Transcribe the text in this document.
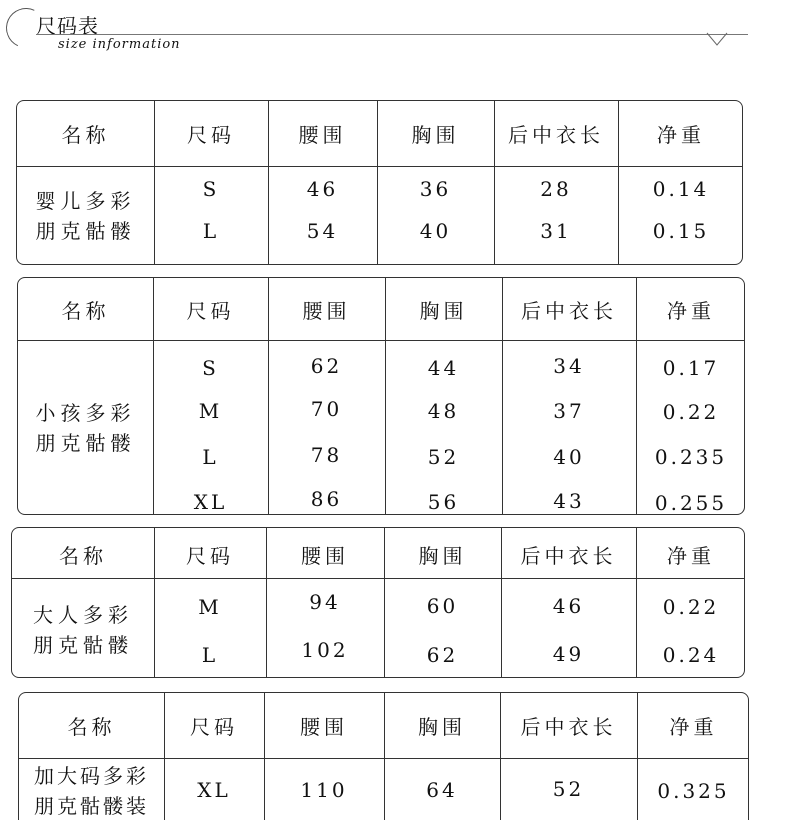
尺码表
size information
名称	尺码	腰围	胸围	后中衣长	净重
婴儿多彩
朋克骷髅
S	46	36	28	0.14
L	54	40	31	0.15
名称	尺码	腰围	胸围	后中衣长	净重
小孩多彩
朋克骷髅
S	62	44	34	0.17
M	70	48	37	0.22
L	78	52	40	0.235
XL	86	56	43	0.255
名称	尺码	腰围	胸围	后中衣长	净重
大人多彩
朋克骷髅
M	94	60	46	0.22
L	102	62	49	0.24
名称	尺码	腰围	胸围	后中衣长	净重
加大码多彩
朋克骷髅装
XL	110	64	52	0.325
